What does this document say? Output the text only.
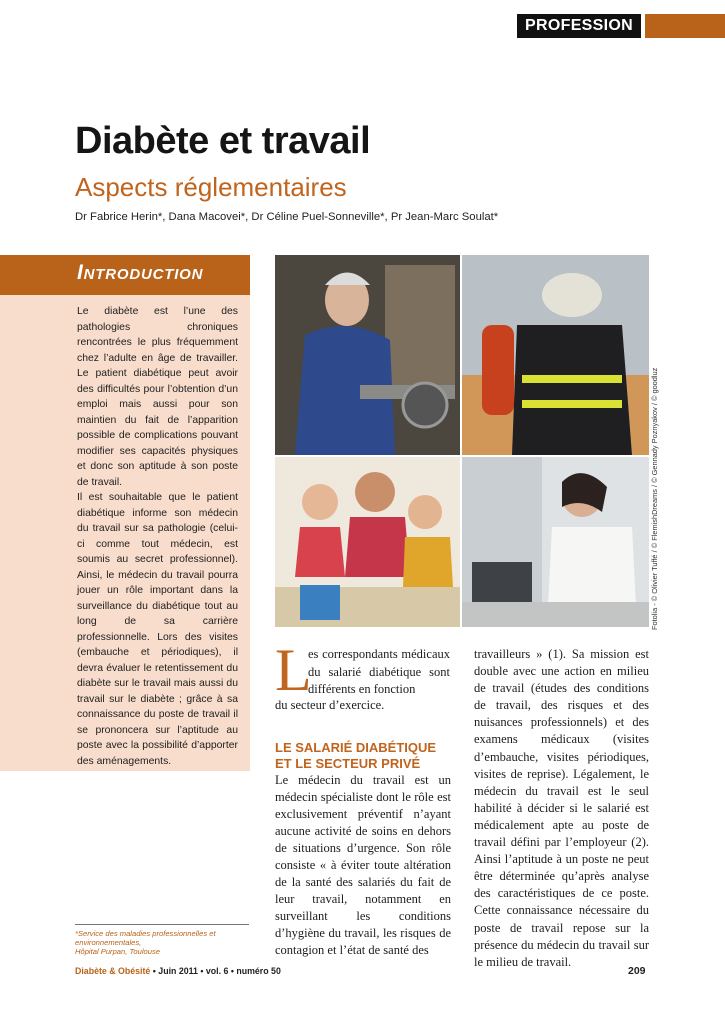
PROFESSION
Diabète et travail
Aspects réglementaires
Dr Fabrice Herin*, Dana Macovei*, Dr Céline Puel-Sonneville*, Pr Jean-Marc Soulat*
Introduction

Le diabète est l’une des pathologies chroniques rencontrées le plus fréquemment chez l’adulte en âge de travailler. Le patient diabétique peut avoir des difficultés pour l’obtention d’un emploi mais aussi pour son maintien du fait de l’apparition possible de complications pouvant modifier ses capacités physiques et donc son aptitude à son poste de travail.

Il est souhaitable que le patient diabétique informe son médecin du travail sur sa pathologie (celui-ci comme tout médecin, est soumis au secret professionnel). Ainsi, le médecin du travail pourra jouer un rôle important dans la surveillance du diabétique tout au long de sa carrière professionnelle. Lors des visites (embauche et périodiques), il devra évaluer le retentissement du diabète sur le travail mais aussi du travail sur le diabète ; grâce à sa connaissance du poste de travail il se prononcera sur l’aptitude au poste avec la possibilité d’apporter des aménagements.

Fotolia - © Olivier Tuffé / © FlemishDreams / © Gennady Poznyakov / © goodluz
L

es correspondants médicaux du salarié diabétique sont différents en fonction

du secteur d’exercice.
LE SALARIÉ DIABÉTIQUE ET LE SECTEUR PRIVÉ

Le médecin du travail est un médecin spécialiste dont le rôle est exclusivement préventif n’ayant aucune activité de soins en dehors de situations d’urgence. Son rôle consiste « à éviter toute altération de la santé des salariés du fait de leur travail, notamment en surveillant les conditions d’hygiène du travail, les risques de contagion et l’état de santé des

travailleurs » (1). Sa mission est double avec une action en milieu de travail (études des conditions de travail, des risques et des nuisances professionnels) et des examens médicaux (visites d’embauche, visites périodiques, visites de reprise). Légalement, le médecin du travail est le seul habilité à décider si le salarié est médicalement apte au poste de travail défini par l’employeur (2). Ainsi l’aptitude à un poste ne peut être déterminée qu’après analyse des caractéristiques de ce poste. Cette connaissance nécessaire du poste de travail repose sur la présence du médecin du travail sur le milieu de travail.

*Service des maladies professionnelles et environnementales,
Hôpital Purpan, Toulouse
Diabète & Obésité • Juin 2011 • vol. 6 • numéro 50	209
